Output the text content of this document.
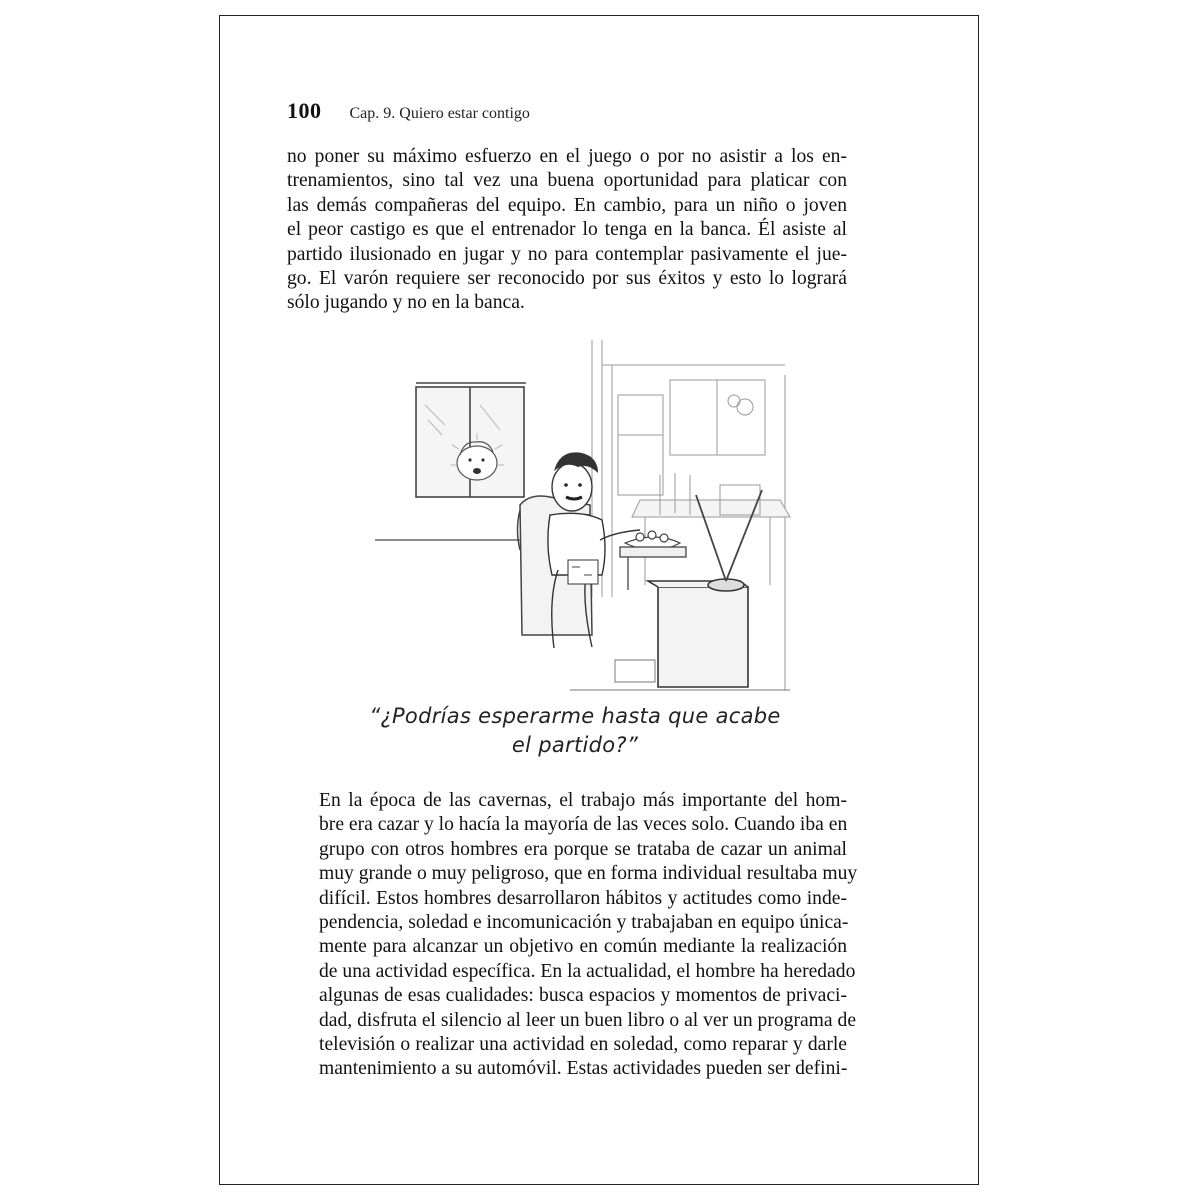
100 Cap. 9. Quiero estar contigo

no poner su máximo esfuerzo en el juego o por no asistir a los en-
trenamientos, sino tal vez una buena oportunidad para platicar con
las demás compañeras del equipo. En cambio, para un niño o joven
el peor castigo es que el entrenador lo tenga en la banca. Él asiste al
partido ilusionado en jugar y no para contemplar pasivamente el jue-
go. El varón requiere ser reconocido por sus éxitos y esto lo logrará
sólo jugando y no en la banca.

“¿Podrías esperarme hasta que acabe
el partido?”

En la época de las cavernas, el trabajo más importante del hom-
bre era cazar y lo hacía la mayoría de las veces solo. Cuando iba en
grupo con otros hombres era porque se trataba de cazar un animal
muy grande o muy peligroso, que en forma individual resultaba muy
difícil. Estos hombres desarrollaron hábitos y actitudes como inde-
pendencia, soledad e incomunicación y trabajaban en equipo única-
mente para alcanzar un objetivo en común mediante la realización
de una actividad específica. En la actualidad, el hombre ha heredado
algunas de esas cualidades: busca espacios y momentos de privaci-
dad, disfruta el silencio al leer un buen libro o al ver un programa de
televisión o realizar una actividad en soledad, como reparar y darle
mantenimiento a su automóvil. Estas actividades pueden ser defini-
